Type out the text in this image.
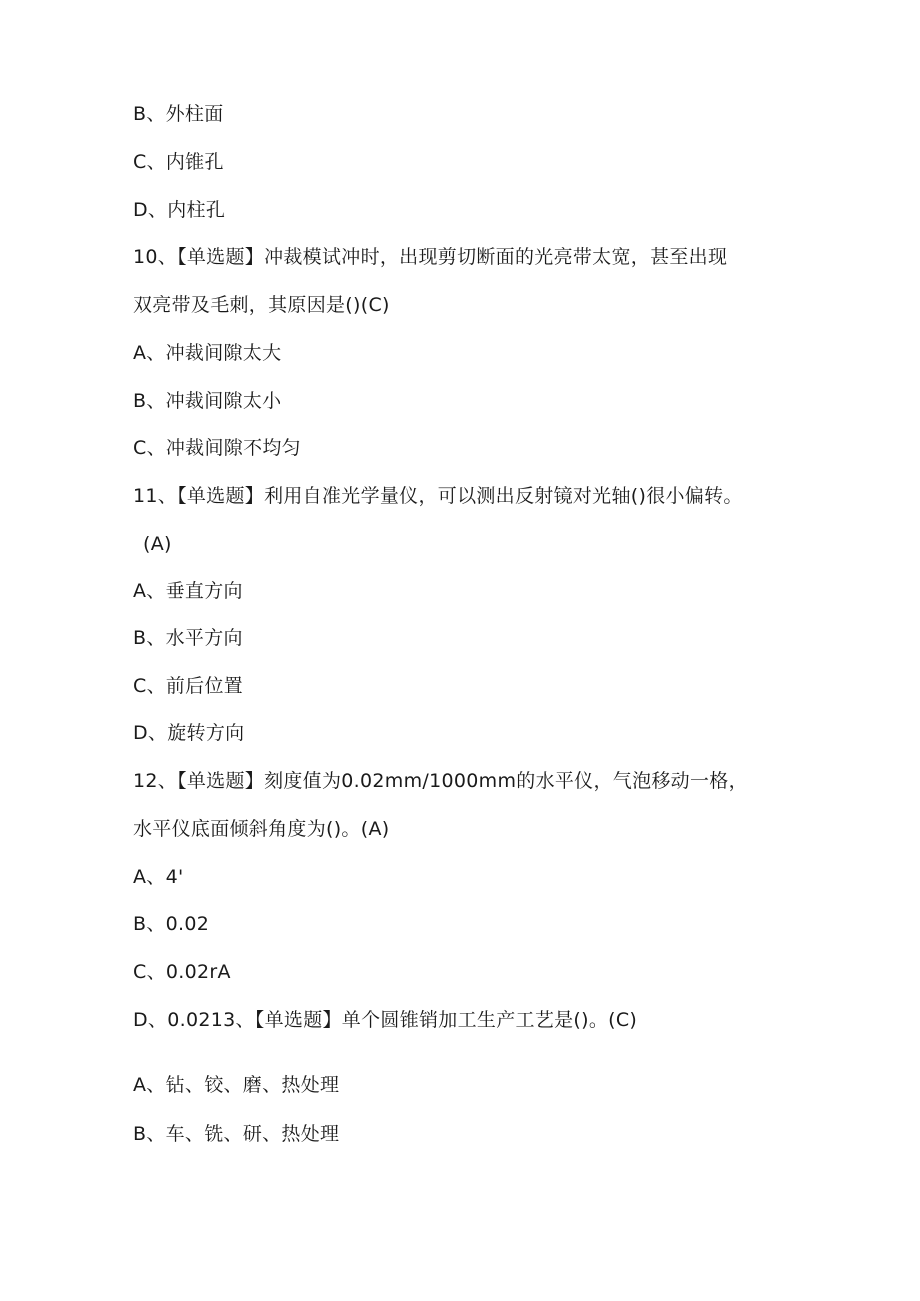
B、外柱面
C、内锥孔
D、内柱孔
10、【单选题】冲裁模试冲时，出现剪切断面的光亮带太宽，甚至出现
双亮带及毛刺，其原因是()(C)
A、冲裁间隙太大
B、冲裁间隙太小
C、冲裁间隙不均匀
11、【单选题】利用自准光学量仪，可以测出反射镜对光轴()很小偏转。
(A)
A、垂直方向
B、水平方向
C、前后位置
D、旋转方向
12、【单选题】刻度值为0.02mm/1000mm的水平仪，气泡移动一格，
水平仪底面倾斜角度为()。(A)
A、4'
B、0.02
C、0.02rA
D、0.0213、【单选题】单个圆锥销加工生产工艺是()。(C)
A、钻、铰、磨、热处理
B、车、铣、研、热处理
